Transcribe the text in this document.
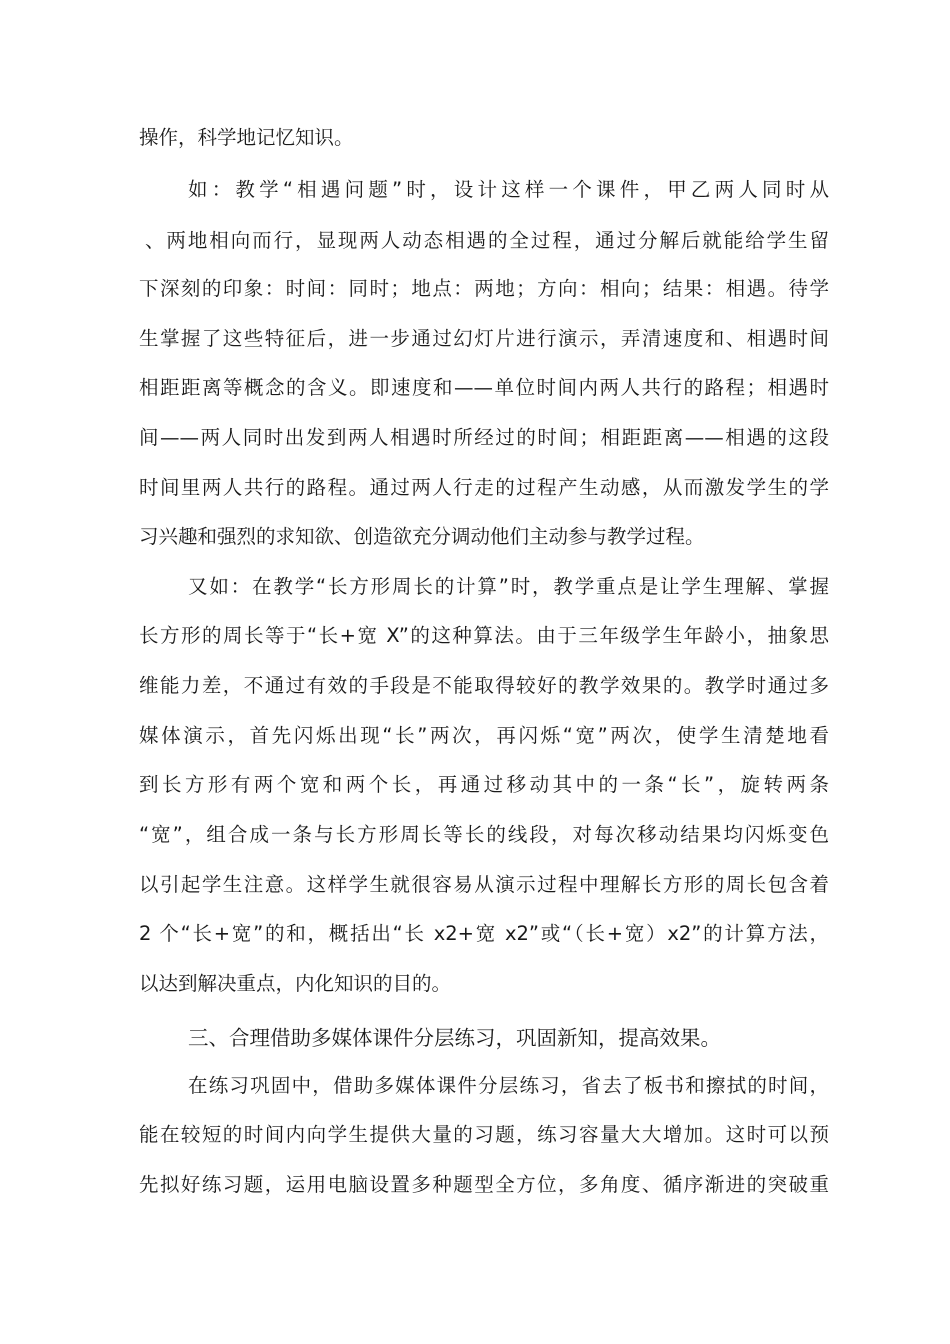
操作，科学地记忆知识。
如：教学“相遇问题”时，设计这样一个课件，甲乙两人同时从
、两地相向而行，显现两人动态相遇的全过程，通过分解后就能给学生留
下深刻的印象：时间：同时；地点：两地；方向：相向；结果：相遇。待学
生掌握了这些特征后，进一步通过幻灯片进行演示，弄清速度和、相遇时间
相距距离等概念的含义。即速度和——单位时间内两人共行的路程；相遇时
间——两人同时出发到两人相遇时所经过的时间；相距距离——相遇的这段
时间里两人共行的路程。通过两人行走的过程产生动感，从而激发学生的学
习兴趣和强烈的求知欲、创造欲充分调动他们主动参与教学过程。
又如：在教学“长方形周长的计算”时，教学重点是让学生理解、掌握
长方形的周长等于“长+宽 X”的这种算法。由于三年级学生年龄小，抽象思
维能力差，不通过有效的手段是不能取得较好的教学效果的。教学时通过多
媒体演示，首先闪烁出现“长”两次，再闪烁“宽”两次，使学生清楚地看
到长方形有两个宽和两个长，再通过移动其中的一条“长”，旋转两条
“宽”，组合成一条与长方形周长等长的线段，对每次移动结果均闪烁变色
以引起学生注意。这样学生就很容易从演示过程中理解长方形的周长包含着
2 个“长+宽”的和，概括出“长 x2+宽 x2”或“（长+宽）x2”的计算方法，
以达到解决重点，内化知识的目的。
三、合理借助多媒体课件分层练习，巩固新知，提高效果。
在练习巩固中，借助多媒体课件分层练习，省去了板书和擦拭的时间，
能在较短的时间内向学生提供大量的习题，练习容量大大增加。这时可以预
先拟好练习题，运用电脑设置多种题型全方位，多角度、循序渐进的突破重
